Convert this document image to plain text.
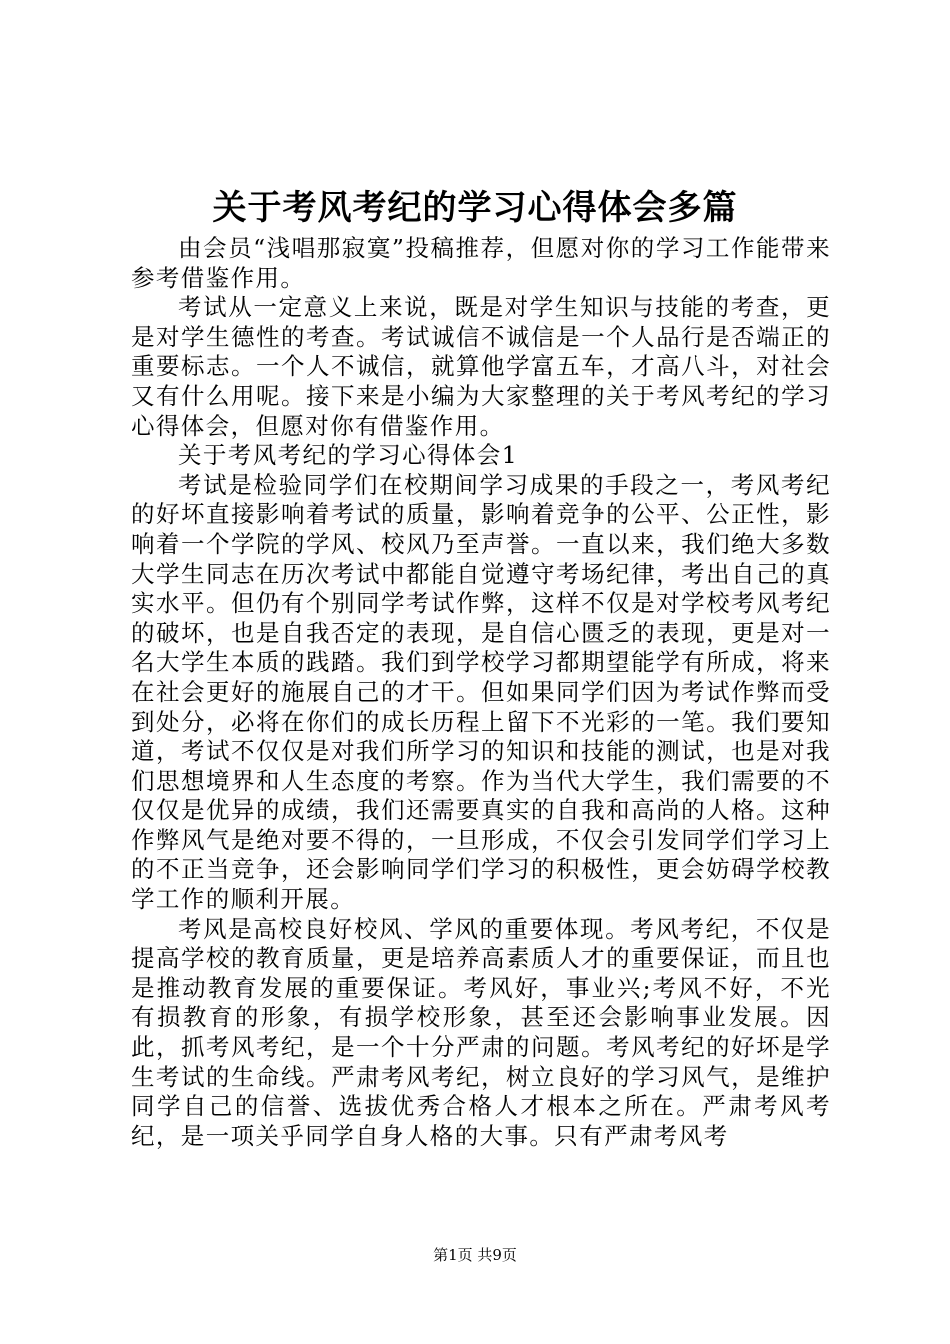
关于考风考纪的学习心得体会多篇

由会员“浅唱那寂寞”投稿推荐，但愿对你的学习工作能带来参考借鉴作用。

考试从一定意义上来说，既是对学生知识与技能的考查，更是对学生德性的考查。考试诚信不诚信是一个人品行是否端正的重要标志。一个人不诚信，就算他学富五车，才高八斗，对社会又有什么用呢。接下来是小编为大家整理的关于考风考纪的学习心得体会，但愿对你有借鉴作用。

关于考风考纪的学习心得体会1

考试是检验同学们在校期间学习成果的手段之一，考风考纪的好坏直接影响着考试的质量，影响着竞争的公平、公正性，影响着一个学院的学风、校风乃至声誉。一直以来，我们绝大多数大学生同志在历次考试中都能自觉遵守考场纪律，考出自己的真实水平。但仍有个别同学考试作弊，这样不仅是对学校考风考纪的破坏，也是自我否定的表现，是自信心匮乏的表现，更是对一名大学生本质的践踏。我们到学校学习都期望能学有所成，将来在社会更好的施展自己的才干。但如果同学们因为考试作弊而受到处分，必将在你们的成长历程上留下不光彩的一笔。我们要知道，考试不仅仅是对我们所学习的知识和技能的测试，也是对我们思想境界和人生态度的考察。作为当代大学生，我们需要的不仅仅是优异的成绩，我们还需要真实的自我和高尚的人格。这种作弊风气是绝对要不得的，一旦形成，不仅会引发同学们学习上的不正当竞争，还会影响同学们学习的积极性，更会妨碍学校教学工作的顺利开展。

考风是高校良好校风、学风的重要体现。考风考纪，不仅是提高学校的教育质量，更是培养高素质人才的重要保证，而且也是推动教育发展的重要保证。考风好，事业兴;考风不好，不光有损教育的形象，有损学校形象，甚至还会影响事业发展。因此，抓考风考纪，是一个十分严肃的问题。考风考纪的好坏是学生考试的生命线。严肃考风考纪，树立良好的学习风气，是维护同学自己的信誉、选拔优秀合格人才根本之所在。严肃考风考纪，是一项关乎同学自身人格的大事。只有严肃考风考

第1页 共9页
